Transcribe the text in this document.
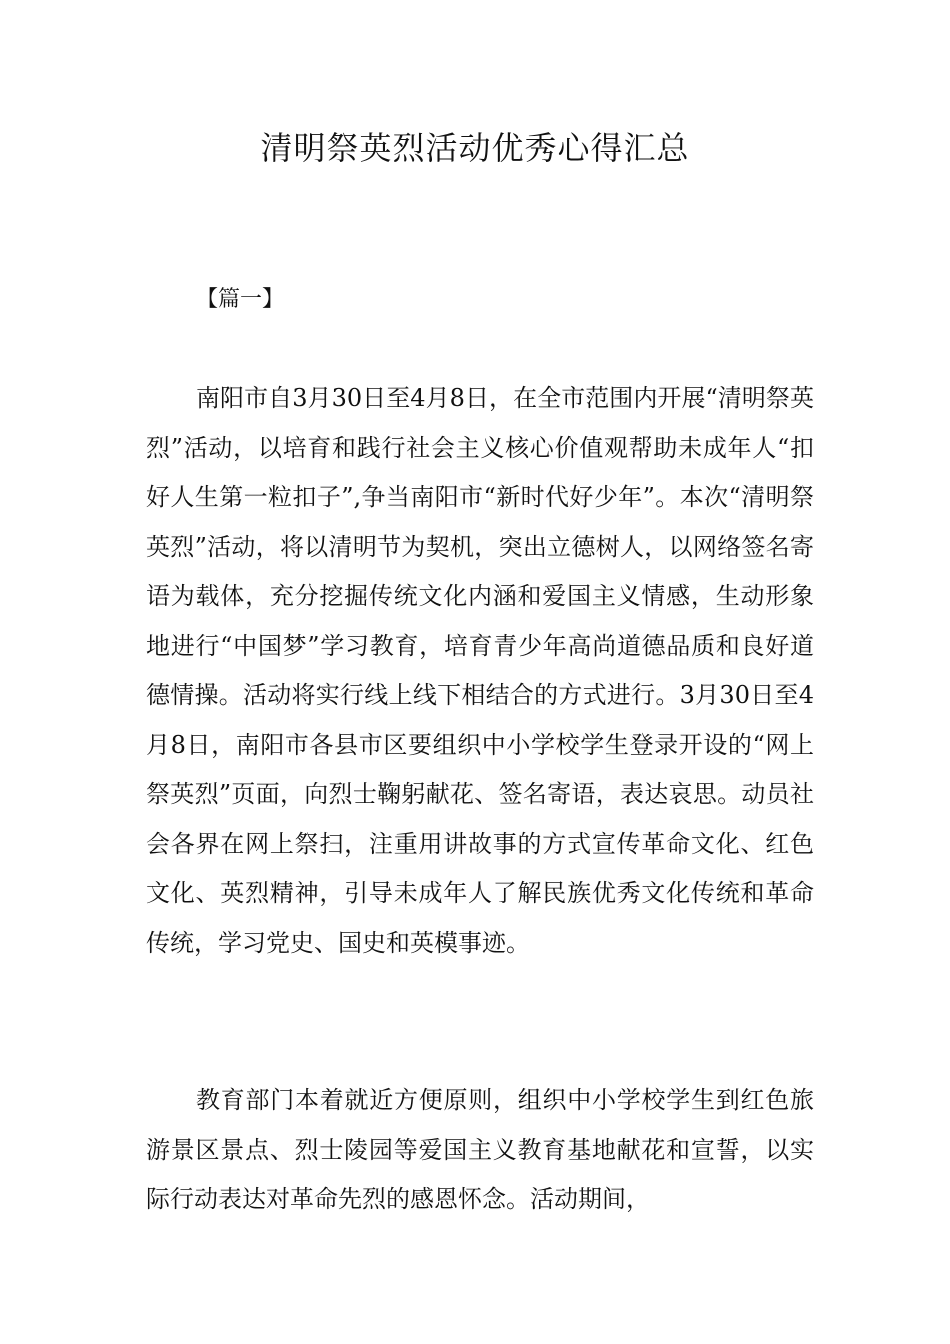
清明祭英烈活动优秀心得汇总

【篇一】

南阳市自3月30日至4月8日，在全市范围内开展“清明祭英烈”活动，以培育和践行社会主义核心价值观帮助未成年人“扣好人生第一粒扣子”,争当南阳市“新时代好少年”。本次“清明祭英烈”活动，将以清明节为契机，突出立德树人，以网络签名寄语为载体，充分挖掘传统文化内涵和爱国主义情感，生动形象地进行“中国梦”学习教育，培育青少年高尚道德品质和良好道德情操。活动将实行线上线下相结合的方式进行。3月30日至4月8日，南阳市各县市区要组织中小学校学生登录开设的“网上祭英烈”页面，向烈士鞠躬献花、签名寄语，表达哀思。动员社会各界在网上祭扫，注重用讲故事的方式宣传革命文化、红色文化、英烈精神，引导未成年人了解民族优秀文化传统和革命传统，学习党史、国史和英模事迹。

教育部门本着就近方便原则，组织中小学校学生到红色旅游景区景点、烈士陵园等爱国主义教育基地献花和宣誓，以实际行动表达对革命先烈的感恩怀念。活动期间，
